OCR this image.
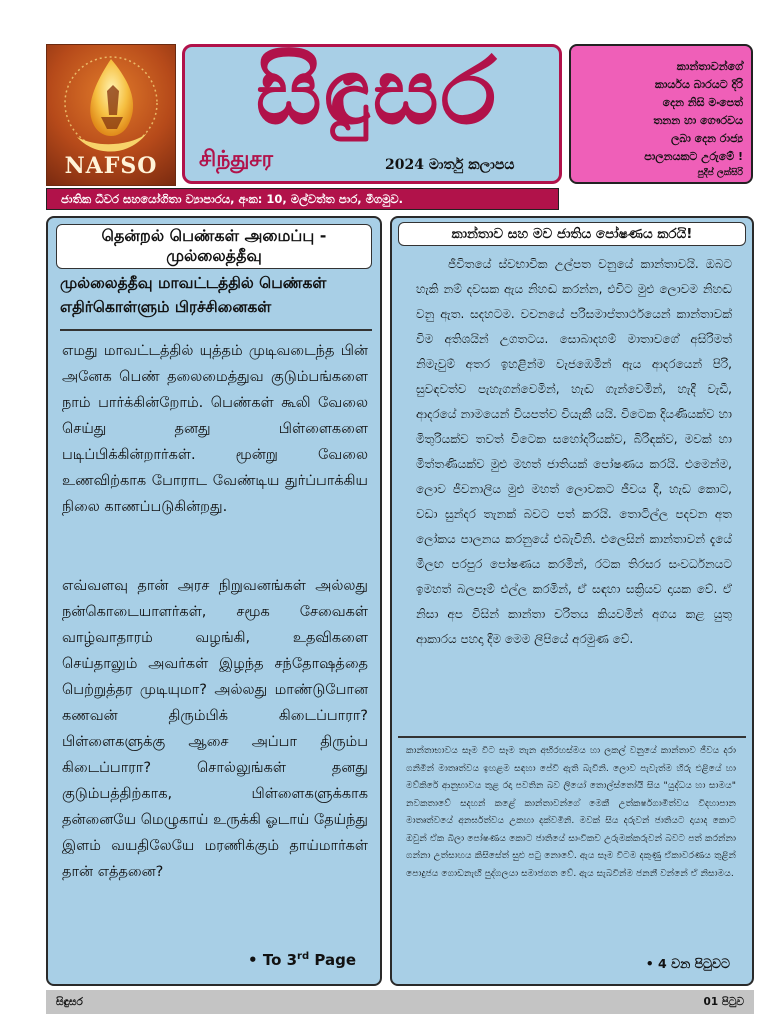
NAFSO
සිඳුසර
சிந்துசர	2024 මාර්තු කලාපය
කාන්තාවන්ගේ
කාර්යය බාරයට දිරි
දෙන නිසි මංපෙත්
තනන හා ගෞරවය
ලබා දෙන රාජ්‍ය
පාලනයකට උරුමේ !
පුදීප් ලක්සිරි
ජාතික ධීවර සහයෝගිතා ව්‍යාපාරය, අංක: 10, මල්වත්ත පාර, මීගමුව.
தென்றல் பெண்கள் அமைப்பு - முல்லைத்தீவு
முல்லைத்தீவு மாவட்டத்தில் பெண்கள் எதிர்கொள்ளும் பிரச்சினைகள்
எமது மாவட்டத்தில் யுத்தம் முடிவடைந்த பின் அனேக பெண் தலைமைத்துவ குடும்பங்களை நாம் பார்க்கின்றோம். பெண்கள் கூலி வேலை செய்து தனது பிள்ளைகளை படிப்பிக்கின்றார்கள். மூன்று வேலை உணவிற்காக போராட வேண்டிய துர்ப்பாக்கிய நிலை காணப்படுகின்றது.
எவ்வளவு தான் அரச நிறுவனங்கள் அல்லது நன்கொடையாளர்கள், சமூக சேவைகள் வாழ்வாதாரம் வழங்கி, உதவிகளை செய்தாலும் அவர்கள் இழந்த சந்தோஷத்தை பெற்றுத்தர முடியுமா? அல்லது மாண்டுபோன கணவன் திரும்பிக் கிடைப்பாரா? பிள்ளைகளுக்கு ஆசை அப்பா திரும்ப கிடைப்பாரா? சொல்லுங்கள் தனது குடும்பத்திற்காக, பிள்ளைகளுக்காக தன்னையே மெழுகாய் உருக்கி ஓடாய் தேய்ந்து இளம் வயதிலேயே மரணிக்கும் தாய்மார்கள் தான் எத்தனை?
• To 3rd Page
කාන්තාව සහ මව ජාතිය පෝෂණය කරයි!
ජීවිතයේ ස්වභාවික උල්පත වනුයේ කාන්තාවයි. ඔබට හැකි නම් දවසක ඇය නිහඬ කරන්න, එවිට මුළු ලොවම නිහඬ වනු ඇත. සදහටම. වචනයේ පරිසමාප්තාර්ථයෙන් කාන්තාවක් විම අතිශයින් උගතටය. සොබාදහම් මාතාවගේ අසිරිමත් නිමැවුම් අතර ඉහළින්ම වැජඹෙමින් ඇය ආදරයෙන් පිරි, සුවඳවත්ව පැහැගන්වෙමින්, හැඬ ගැන්වෙමින්, හැදී වැඩී, ආදරයේ නාමයෙන් වියපත්ව වියැකී යයි. විටෙක දියණියක්ව හා මිතුරියක්ව තවත් විටෙක සහෝදරියක්ව, බිරිඳක්ව, මවක් හා මිත්තණියක්ව මුළු මහත් ජාතියක් පෝෂණය කරයි. එමෙන්ම, ලොව ජීවනාලිය මුළු මහත් ලොවකට ජීවය දී, හැඩ කොට, වඩා සුන්දර තැනක් බවට පත් කරයි. තොටිල්ල පදවන අත ලෝකය පාලනය කරනුයේ එබැවිනි. එලෙසින් කාන්තාවන් දැයේ මීලඟ පරපුර පෝෂණය කරමින්, රටක තිරසර සංවර්ධනයට ඉමහත් බලපෑම් එල්ල කරමින්, ඒ සඳහා සක්‍රියව දායක වේ. ඒ නිසා අප විසින් කාන්තා චරිතය කියවමින් අගය කළ යුතු ආකාරය පහදා දීම මෙම ලිපියේ අරමුණ වේ.
කාන්තාභාවය සෑම විට සෑම තැන අභිරහස්මය හා ලකල් වනුයේ කාන්තාව ජීවය දරා ගනිමින් මාතෘත්වය ඉහළම සඳහා පේවි ඇති බැවිනි. ලොව පැවැත්ම හිරු එළියේ හා මව්කිරේ ආනුභාවය තුළ රදා පවතින බව ලියෝ තොල්ස්තෝයි සිය "යුද්ධය හා සාමය" නවකතාවේ සදහන් කළේ කාන්තාවන්ගේ මෙකී උත්කර්ෂගාමිත්වය විදහාපාන මාතෘත්වයේ අනර්ඝත්වය උකහා දක්වමිනි. මවක් සිය දරුවන් ජාතියට දායාද කොට ඔවුන් ඒක බිලා පෝෂණය කොට ජාතියේ සාංවිකච උරුමක්කරුවන් බවට පත් කරන්නා ගන්නා උත්සාහය කිසිසේත් සුළු පටු නොවේ. ඇය සෑම විටම දකුණු ඒකාවරණය තුළින් පොදුජය ගොඩනැඟී පුද්ගලයා සමාජගත වේ. ඇය සැබවින්ම ජනනී වන්නේ ඒ නිසාමය.
• 4 වන පිටුවට
සිඳුසර	01 පිටුව
